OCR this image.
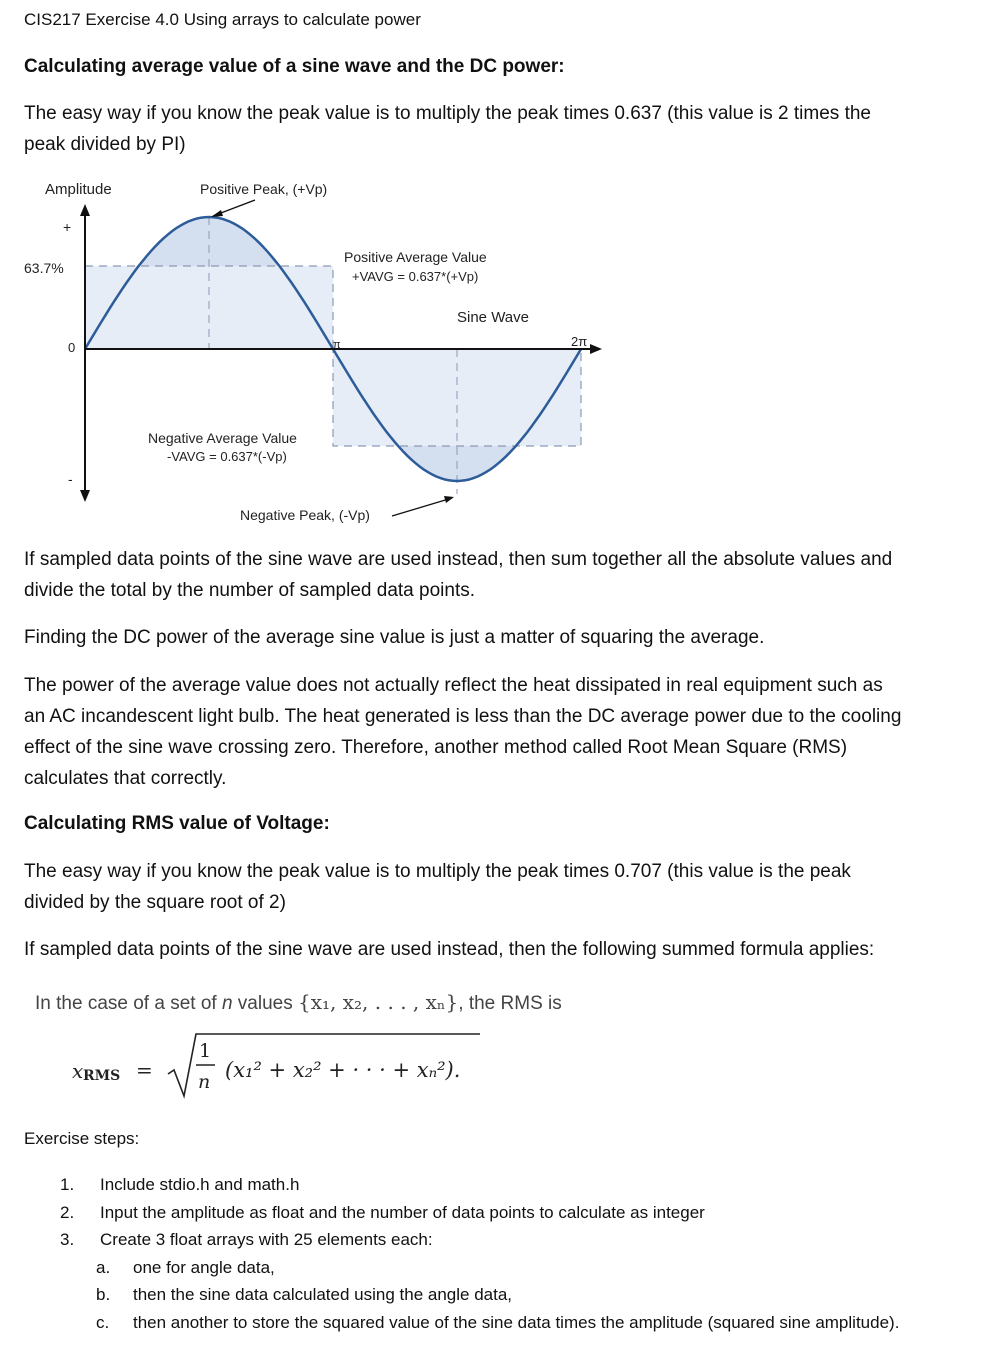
CIS217 Exercise 4.0 Using arrays to calculate power
Calculating average value of a sine wave and the DC power:
The easy way if you know the peak value is to multiply the peak times 0.637 (this value is 2 times the
peak divided by PI)
Amplitude	Positive Peak, (+Vp)
+
63.7%
0
-
π	2π
Positive Average Value
+VAVG = 0.637*(+Vp)
Sine Wave
Negative Average Value
-VAVG = 0.637*(-Vp)
Negative Peak, (-Vp)
If sampled data points of the sine wave are used instead, then sum together all the absolute values and
divide the total by the number of sampled data points.
Finding the DC power of the average sine value is just a matter of squaring the average.
The power of the average value does not actually reflect the heat dissipated in real equipment such as
an AC incandescent light bulb. The heat generated is less than the DC average power due to the cooling
effect of the sine wave crossing zero. Therefore, another method called Root Mean Square (RMS)
calculates that correctly.
Calculating RMS value of Voltage:
The easy way if you know the peak value is to multiply the peak times 0.707 (this value is the peak
divided by the square root of 2)
If sampled data points of the sine wave are used instead, then the following summed formula applies:
In the case of a set of n values {x₁, x₂, . . . , xₙ}, the RMS is
x RMS =
1
n (x₁² + x₂² + · · · + xₙ²).
Exercise steps:
1. Include stdio.h and math.h
2. Input the amplitude as float and the number of data points to calculate as integer
3. Create 3 float arrays with 25 elements each:
a. one for angle data,
b. then the sine data calculated using the angle data,
c. then another to store the squared value of the sine data times the amplitude (squared sine amplitude).
